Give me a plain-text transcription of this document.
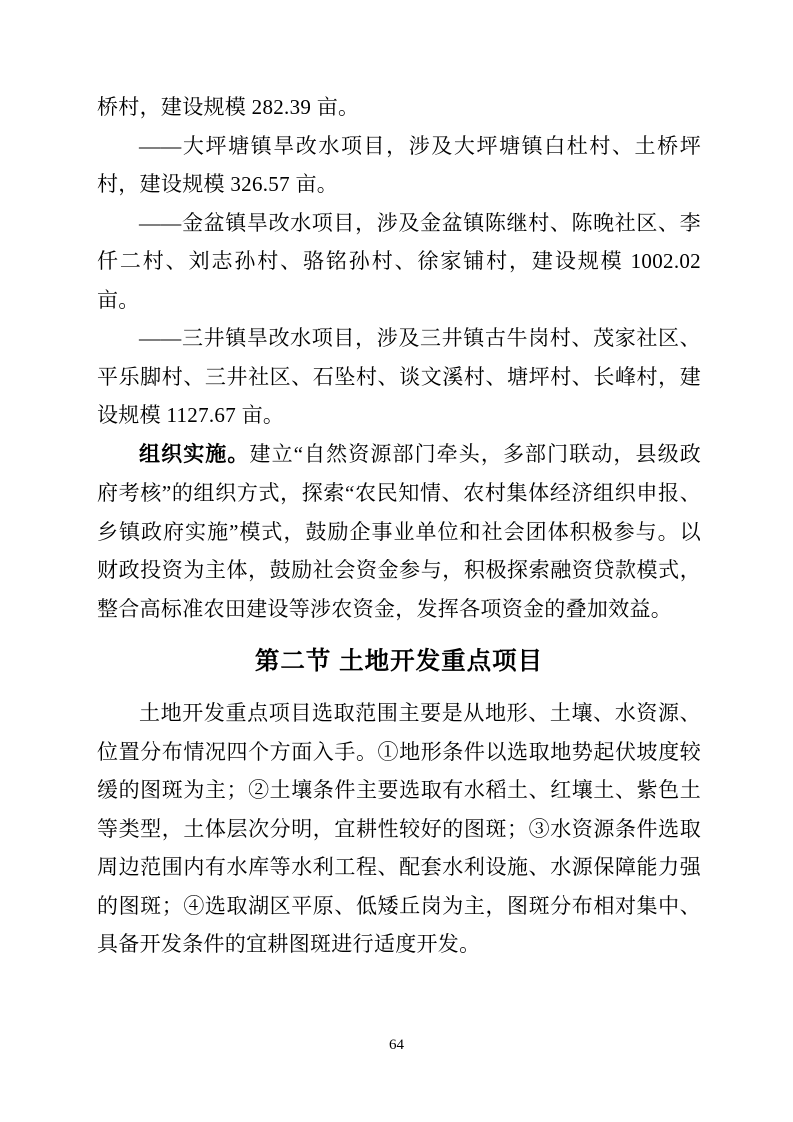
桥村，建设规模 282.39 亩。

——大坪塘镇旱改水项目，涉及大坪塘镇白杜村、土桥坪村，建设规模 326.57 亩。

——金盆镇旱改水项目，涉及金盆镇陈继村、陈晚社区、李仟二村、刘志孙村、骆铭孙村、徐家铺村，建设规模 1002.02 亩。

——三井镇旱改水项目，涉及三井镇古牛岗村、茂家社区、平乐脚村、三井社区、石坠村、谈文溪村、塘坪村、长峰村，建设规模 1127.67 亩。

组织实施。建立“自然资源部门牵头，多部门联动，县级政府考核”的组织方式，探索“农民知情、农村集体经济组织申报、乡镇政府实施”模式，鼓励企事业单位和社会团体积极参与。以财政投资为主体，鼓励社会资金参与，积极探索融资贷款模式，整合高标准农田建设等涉农资金，发挥各项资金的叠加效益。

第二节 土地开发重点项目

土地开发重点项目选取范围主要是从地形、土壤、水资源、位置分布情况四个方面入手。①地形条件以选取地势起伏坡度较缓的图斑为主；②土壤条件主要选取有水稻土、红壤土、紫色土等类型，土体层次分明，宜耕性较好的图斑；③水资源条件选取周边范围内有水库等水利工程、配套水利设施、水源保障能力强的图斑；④选取湖区平原、低矮丘岗为主，图斑分布相对集中、具备开发条件的宜耕图斑进行适度开发。

64
